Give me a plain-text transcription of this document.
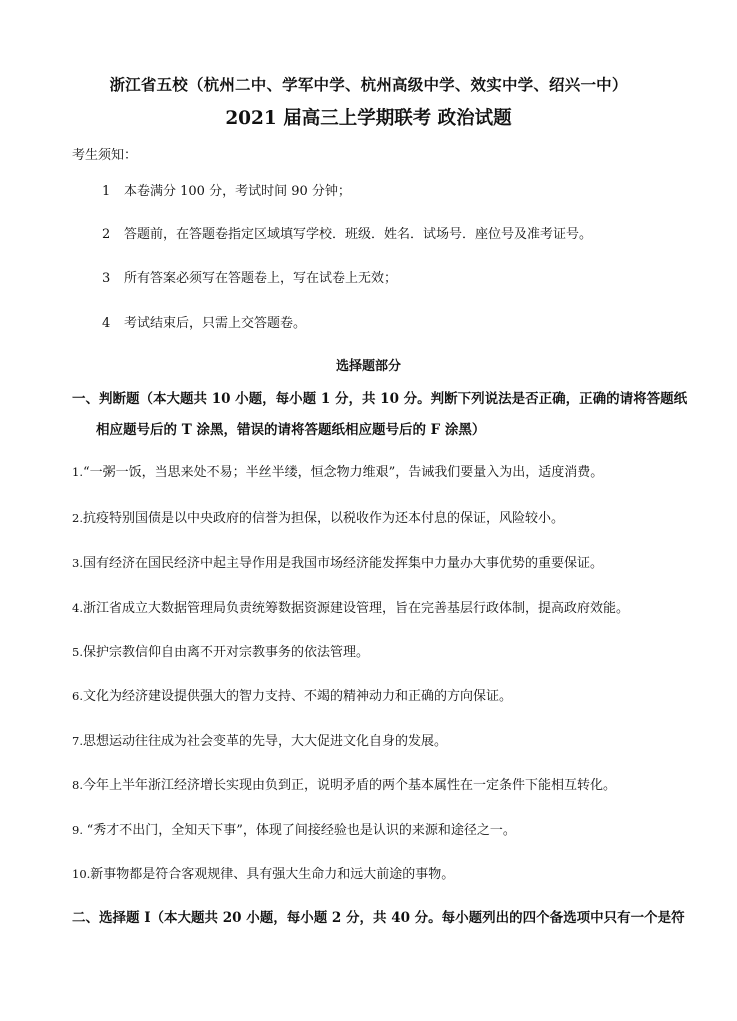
浙江省五校（杭州二中、学军中学、杭州高级中学、效实中学、绍兴一中）
2021 届高三上学期联考 政治试题
考生须知：
1 本卷满分 100 分，考试时间 90 分钟；
2 答题前，在答题卷指定区域填写学校．班级．姓名．试场号．座位号及准考证号。
3 所有答案必须写在答题卷上，写在试卷上无效；
4 考试结束后，只需上交答题卷。
选择题部分
一、判断题（本大题共 10 小题，每小题 1 分，共 10 分。判断下列说法是否正确，正确的请将答题纸
相应题号后的 T 涂黑，错误的请将答题纸相应题号后的 F 涂黑）
1.“一粥一饭，当思来处不易；半丝半缕，恒念物力维艰”，告诫我们要量入为出，适度消费。
2.抗疫特别国债是以中央政府的信誉为担保，以税收作为还本付息的保证，风险较小。
3.国有经济在国民经济中起主导作用是我国市场经济能发挥集中力量办大事优势的重要保证。
4.浙江省成立大数据管理局负责统筹数据资源建设管理，旨在完善基层行政体制，提高政府效能。
5.保护宗教信仰自由离不开对宗教事务的依法管理。
6.文化为经济建设提供强大的智力支持、不竭的精神动力和正确的方向保证。
7.思想运动往往成为社会变革的先导，大大促进文化自身的发展。
8.今年上半年浙江经济增长实现由负到正，说明矛盾的两个基本属性在一定条件下能相互转化。
9. “秀才不出门，全知天下事”，体现了间接经验也是认识的来源和途径之一。
10.新事物都是符合客观规律、具有强大生命力和远大前途的事物。
二、选择题 I（本大题共 20 小题，每小题 2 分，共 40 分。每小题列出的四个备选项中只有一个是符
